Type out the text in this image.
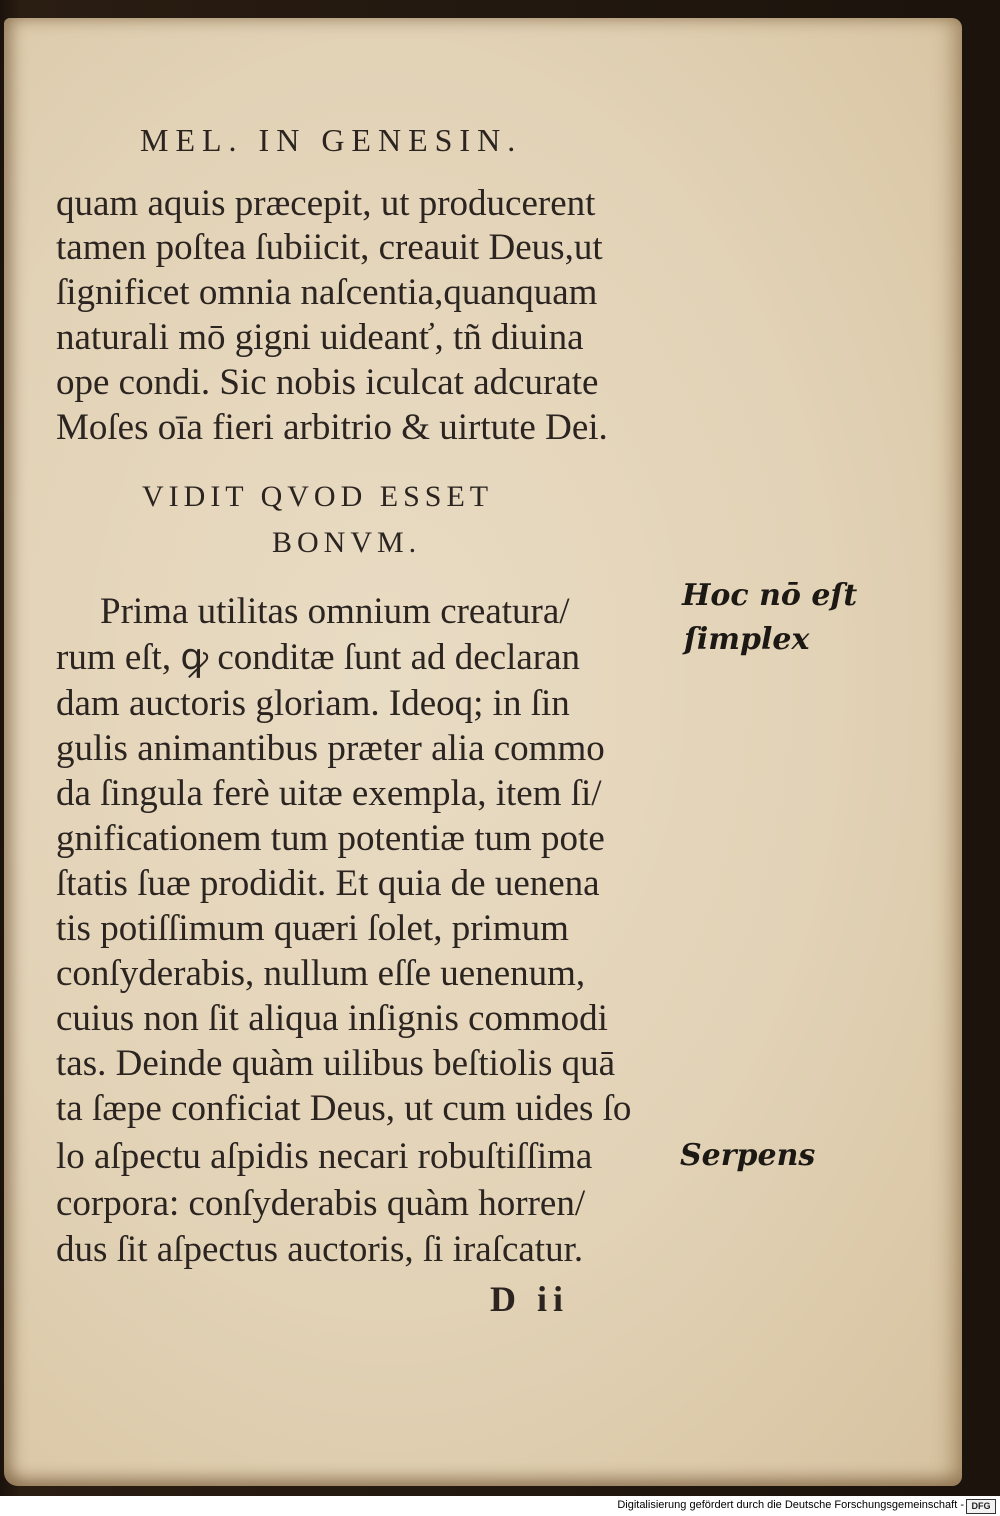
MEL. IN GENESIN.
quam aquis præcepit, ut producerent
tamen poſtea ſubiicit, creauit Deus,ut
ſignificet omnia naſcentia,quanquam
naturali mō gigni uideanť, tñ diuina
ope condi. Sic nobis iculcat adcurate
Moſes oīa fieri arbitrio & uirtute Dei.
VIDIT QVOD ESSET
BONVM.
Prima utilitas omnium creatura/
rum eſt, ꝙ conditæ ſunt ad declaran
dam auctoris gloriam. Ideoq; in ſin
gulis animantibus præter alia commo
da ſingula ferè uitæ exempla, item ſi/
gnificationem tum potentiæ tum pote
ſtatis ſuæ prodidit. Et quia de uenena
tis potiſſimum quæri ſolet, primum
conſyderabis, nullum eſſe uenenum,
cuius non ſit aliqua inſignis commodi
tas. Deinde quàm uilibus beſtiolis quā
ta ſæpe conficiat Deus, ut cum uides ſo
lo aſpectu aſpidis necari robuſtiſſima
corpora: conſyderabis quàm horren/
dus ſit aſpectus auctoris, ſi iraſcatur.
Hoc nō eſt
ſimplex
Serpens
D ii
Digitalisierung gefördert durch die Deutsche Forschungsgemeinschaft - DFG
